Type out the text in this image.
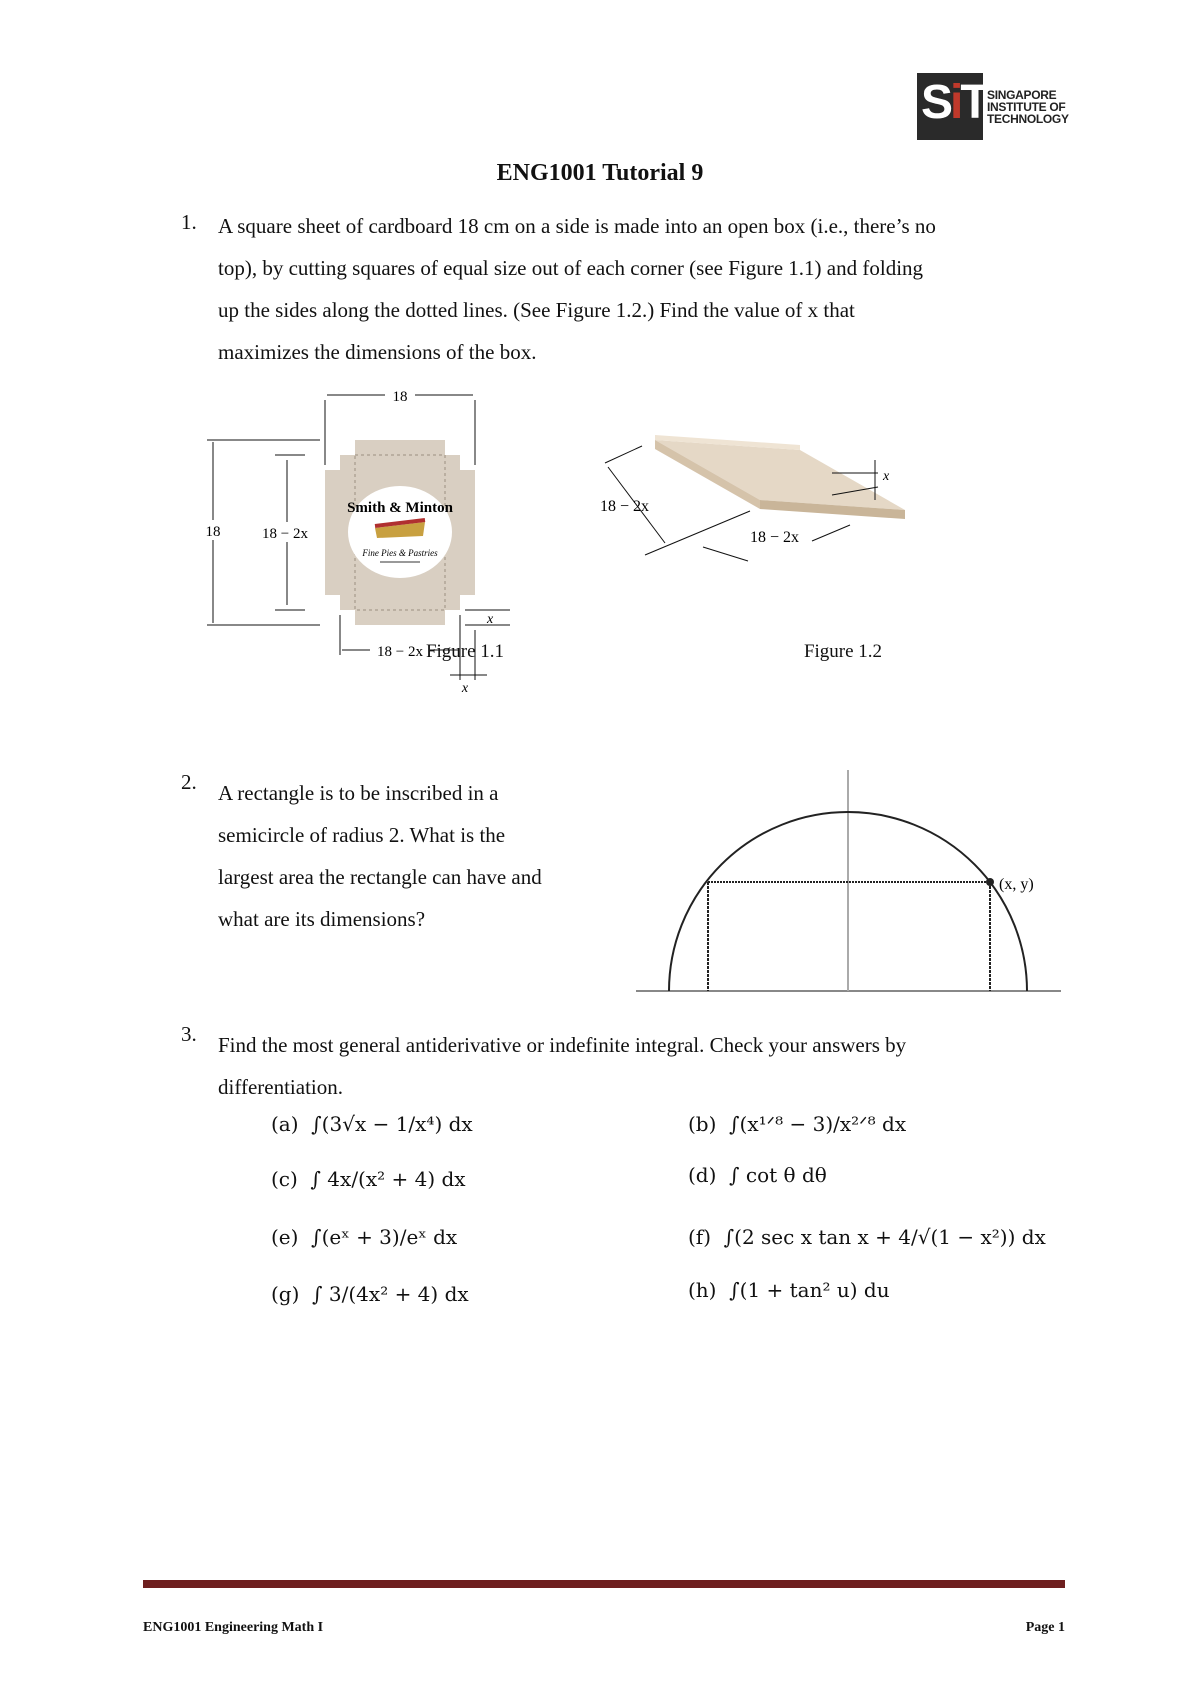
SiT SINGAPORE
INSTITUTE OF
TECHNOLOGY
ENG1001 Tutorial 9
1. A square sheet of cardboard 18 cm on a side is made into an open box (i.e., there’s no
top), by cutting squares of equal size out of each corner (see Figure 1.1) and folding
up the sides along the dotted lines. (See Figure 1.2.) Find the value of x that
maximizes the dimensions of the box.
Smith & Minton
Fine Pies & Pastries
18
18	18 − 2x
18 − 2x
x
x
Figure 1.1
18 − 2x
18 − 2x
x
Figure 1.2
2. A rectangle is to be inscribed in a
semicircle of radius 2. What is the
largest area the rectangle can have and
what are its dimensions?
(x, y)
3. Find the most general antiderivative or indefinite integral. Check your answers by
differentiation.
(a) ∫(3√x − 1/x⁴) dx	(b) ∫(x¹ᐟ⁸ − 3)/x²ᐟ⁸ dx
(c) ∫ 4x/(x² + 4) dx	(d) ∫ cot θ dθ
(e) ∫(eˣ + 3)/eˣ dx	(f) ∫(2 sec x tan x + 4/√(1 − x²)) dx
(g) ∫ 3/(4x² + 4) dx	(h) ∫(1 + tan² u) du
ENG1001 Engineering Math I	Page 1
